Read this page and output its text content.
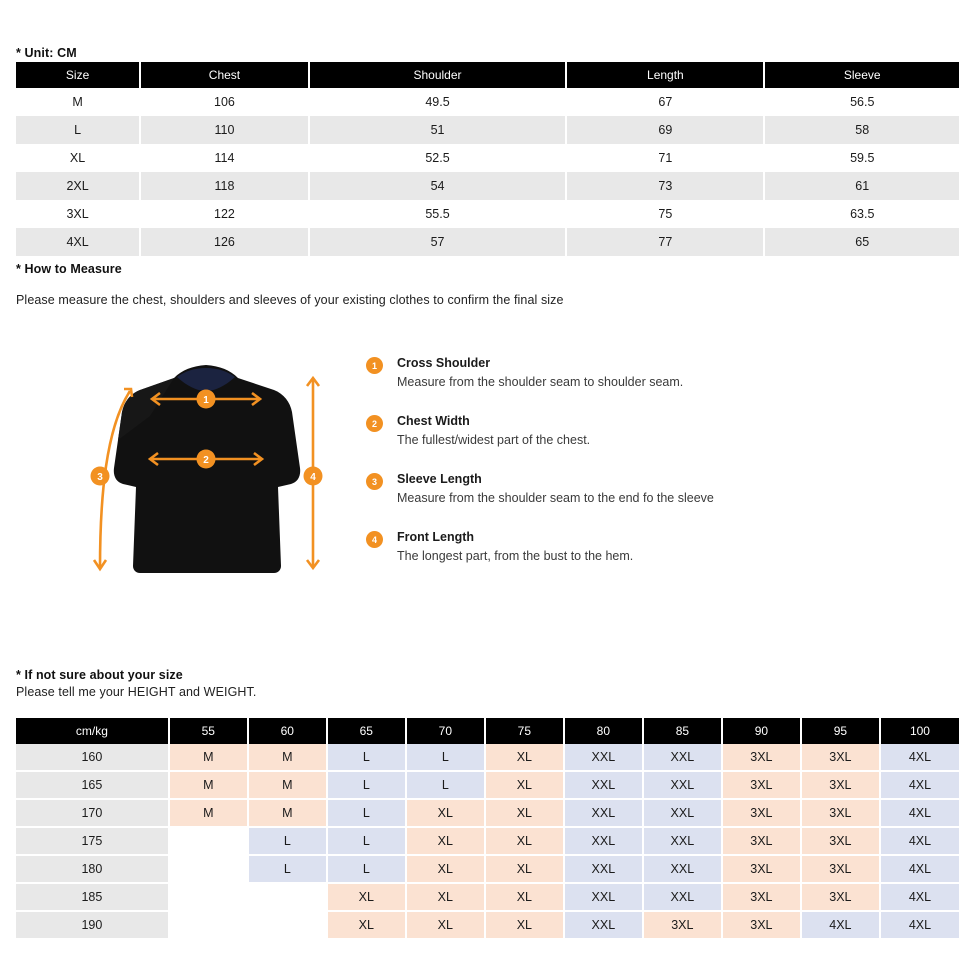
* Unit: CM
Size	Chest	Shoulder	Length	Sleeve
M	106	49.5	67	56.5
L	110	51	69	58
XL	114	52.5	71	59.5
2XL	118	54	73	61
3XL	122	55.5	75	63.5
4XL	126	57	77	65
* How to Measure
Please measure the chest, shoulders and sleeves of your existing clothes to confirm the final size
1
2
3	4
1	Cross Shoulder
Measure from the shoulder seam to shoulder seam.
2	Chest Width
The fullest/widest part of the chest.
3	Sleeve Length
Measure from the shoulder seam to the end fo the sleeve
4	Front Length
The longest part, from the bust to the hem.
* If not sure about your size
Please tell me your HEIGHT and WEIGHT.
cm/kg	55	60	65	70	75	80	85	90	95	100
160	M	M	L	L	XL	XXL	XXL	3XL	3XL	4XL
165	M	M	L	L	XL	XXL	XXL	3XL	3XL	4XL
170	M	M	L	XL	XL	XXL	XXL	3XL	3XL	4XL
175		L	L	XL	XL	XXL	XXL	3XL	3XL	4XL
180		L	L	XL	XL	XXL	XXL	3XL	3XL	4XL
185			XL	XL	XL	XXL	XXL	3XL	3XL	4XL
190			XL	XL	XL	XXL	3XL	3XL	4XL	4XL
